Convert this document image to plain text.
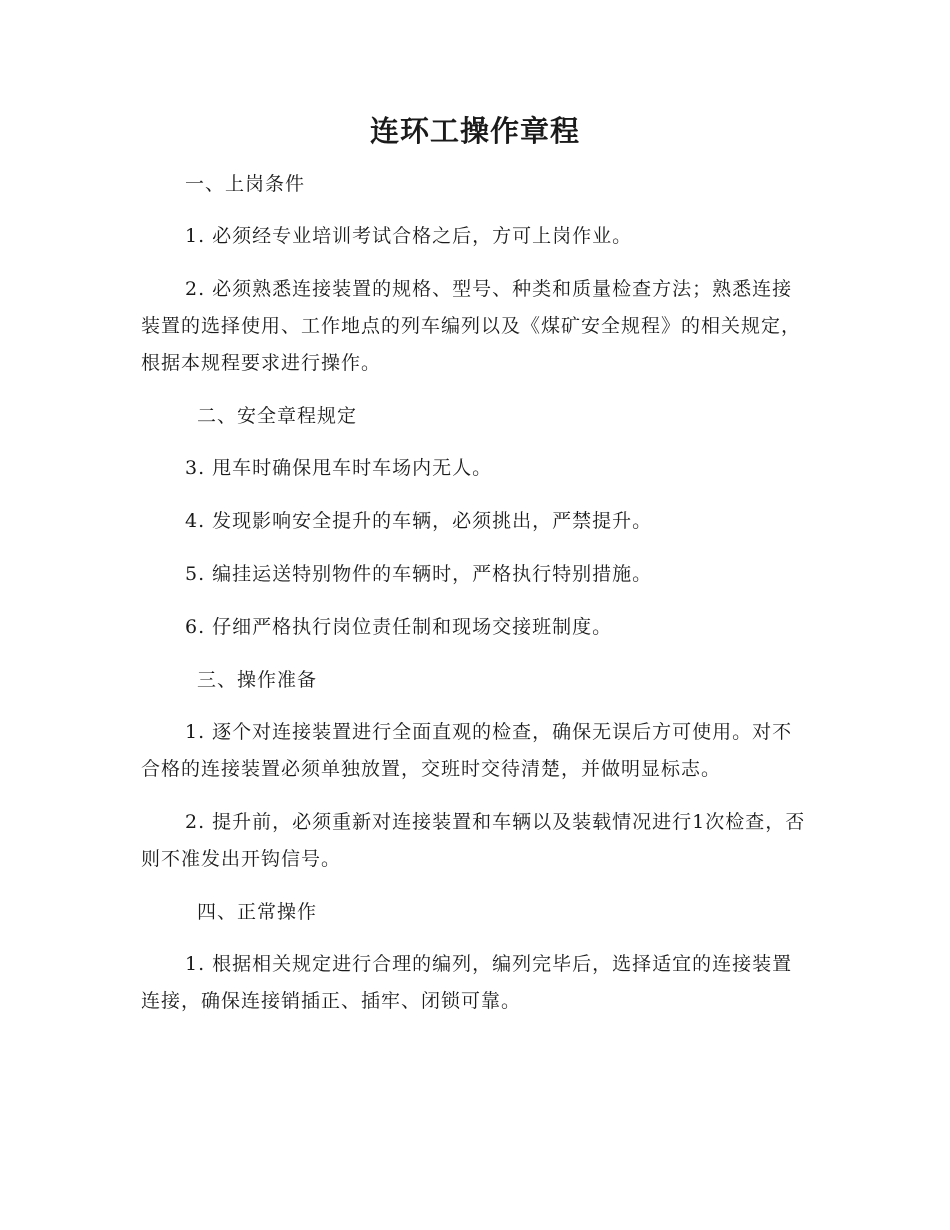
连环工操作章程

一、上岗条件

1. 必须经专业培训考试合格之后，方可上岗作业。

2. 必须熟悉连接装置的规格、型号、种类和质量检查方法；熟悉连接装置的选择使用、工作地点的列车编列以及《煤矿安全规程》的相关规定，根据本规程要求进行操作。

二、安全章程规定

3. 甩车时确保甩车时车场内无人。

4. 发现影响安全提升的车辆，必须挑出，严禁提升。

5. 编挂运送特别物件的车辆时，严格执行特别措施。

6. 仔细严格执行岗位责任制和现场交接班制度。

三、操作准备

1. 逐个对连接装置进行全面直观的检查，确保无误后方可使用。对不合格的连接装置必须单独放置，交班时交待清楚，并做明显标志。

2. 提升前，必须重新对连接装置和车辆以及装载情况进行1次检查，否则不准发出开钩信号。

四、正常操作

1. 根据相关规定进行合理的编列，编列完毕后，选择适宜的连接装置连接，确保连接销插正、插牢、闭锁可靠。
